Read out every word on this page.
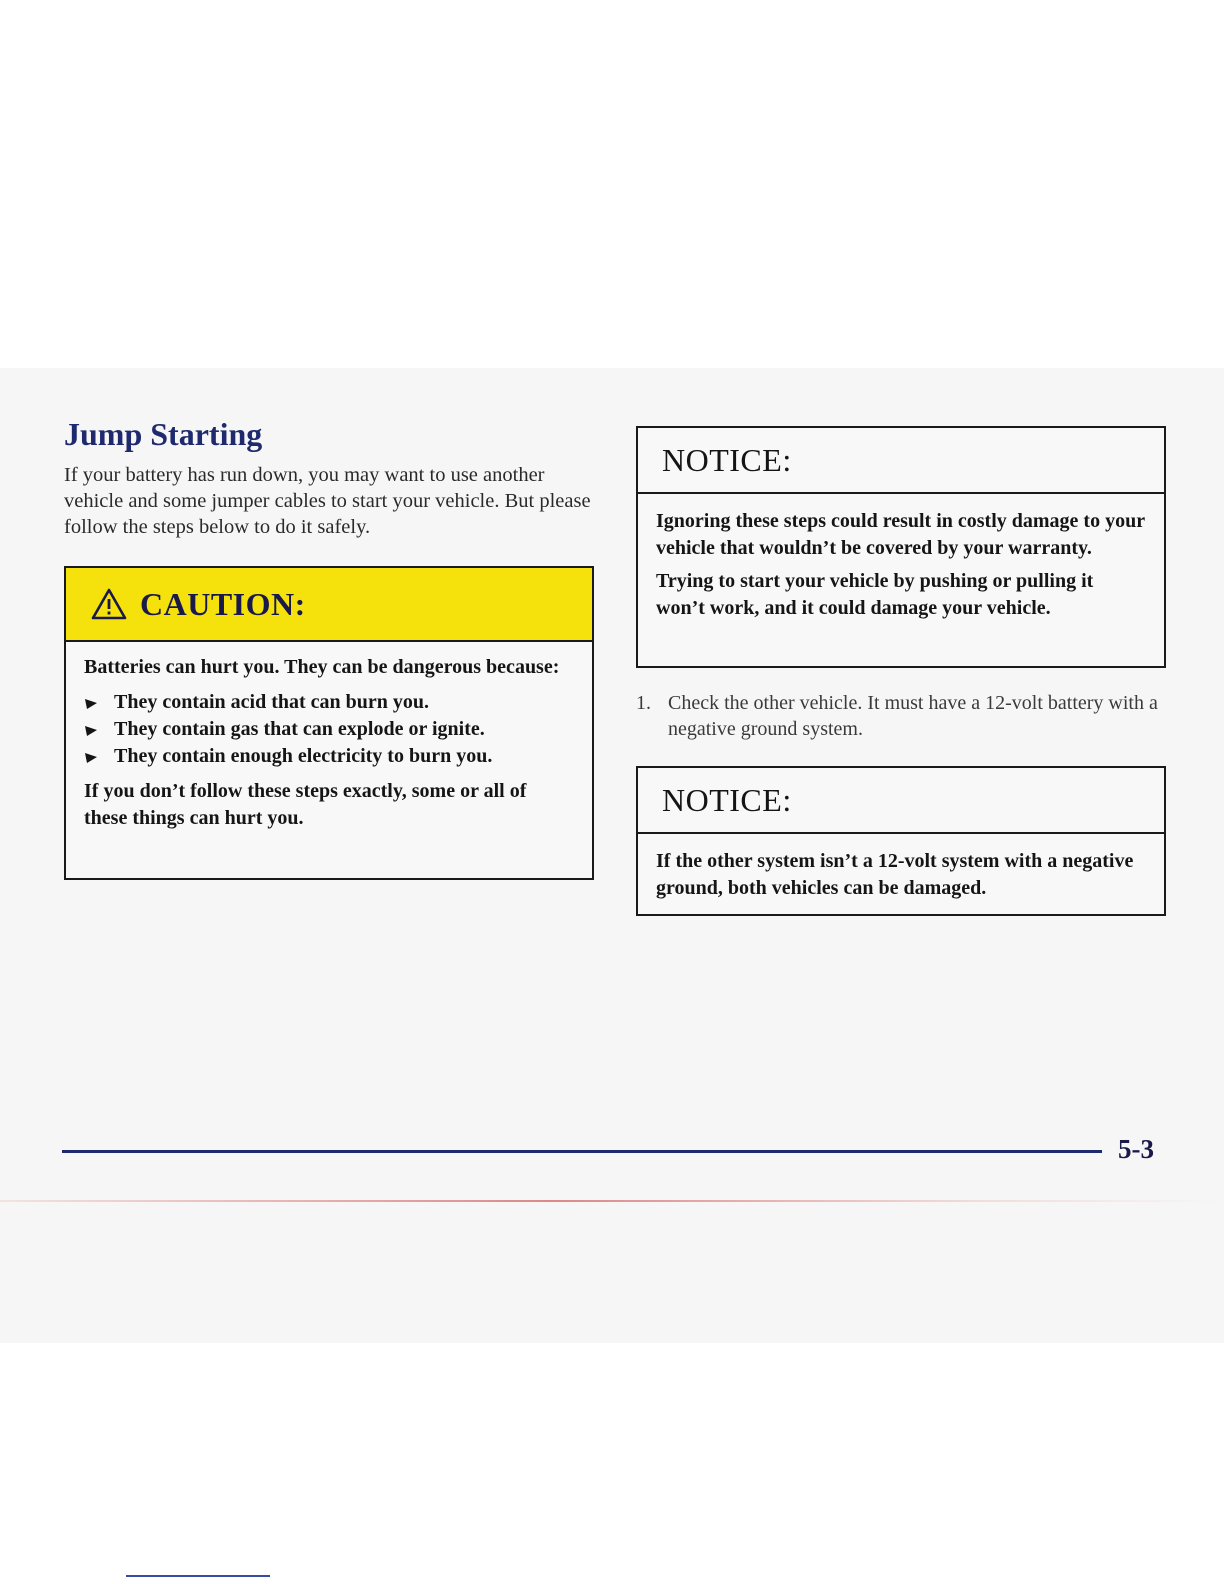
Jump Starting

If your battery has run down, you may want to use another vehicle and some jumper cables to start your vehicle. But please follow the steps below to do it safely.

CAUTION:

Batteries can hurt you. They can be dangerous because:

They contain acid that can burn you.
They contain gas that can explode or ignite.
They contain enough electricity to burn you.

If you don’t follow these steps exactly, some or all of these things can hurt you.

NOTICE:

Ignoring these steps could result in costly damage to your vehicle that wouldn’t be covered by your warranty.

Trying to start your vehicle by pushing or pulling it won’t work, and it could damage your vehicle.

1. Check the other vehicle. It must have a 12-volt battery with a negative ground system.
NOTICE:

If the other system isn’t a 12-volt system with a negative ground, both vehicles can be damaged.

5-3
